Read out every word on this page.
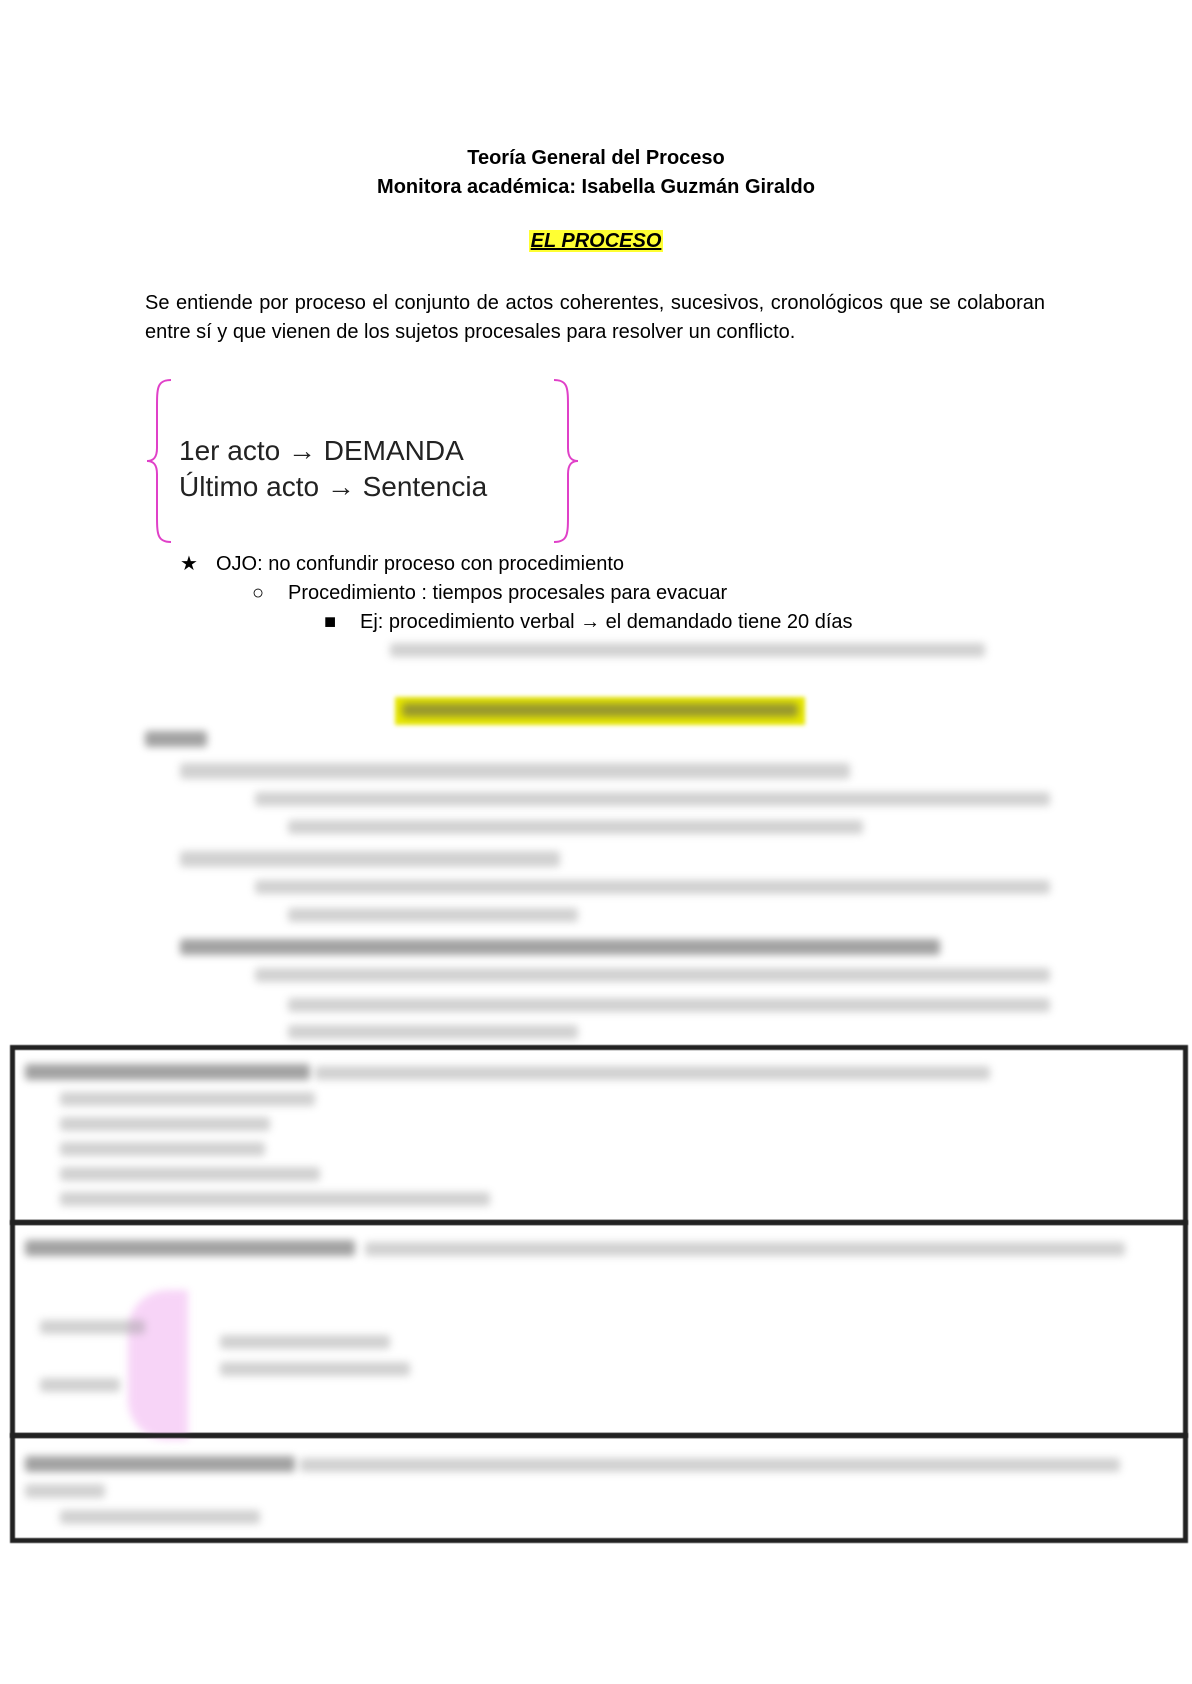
Teoría General del Proceso
Monitora académica: Isabella Guzmán Giraldo
EL PROCESO
Se entiende por proceso el conjunto de actos coherentes, sucesivos, cronológicos que se colaboran entre sí y que vienen de los sujetos procesales para resolver un conflicto.
1er acto → DEMANDA
Último acto → Sentencia
★ OJO: no confundir proceso con procedimiento
○ Procedimiento : tiempos procesales para evacuar
■ Ej: procedimiento verbal → el demandado tiene 20 días
